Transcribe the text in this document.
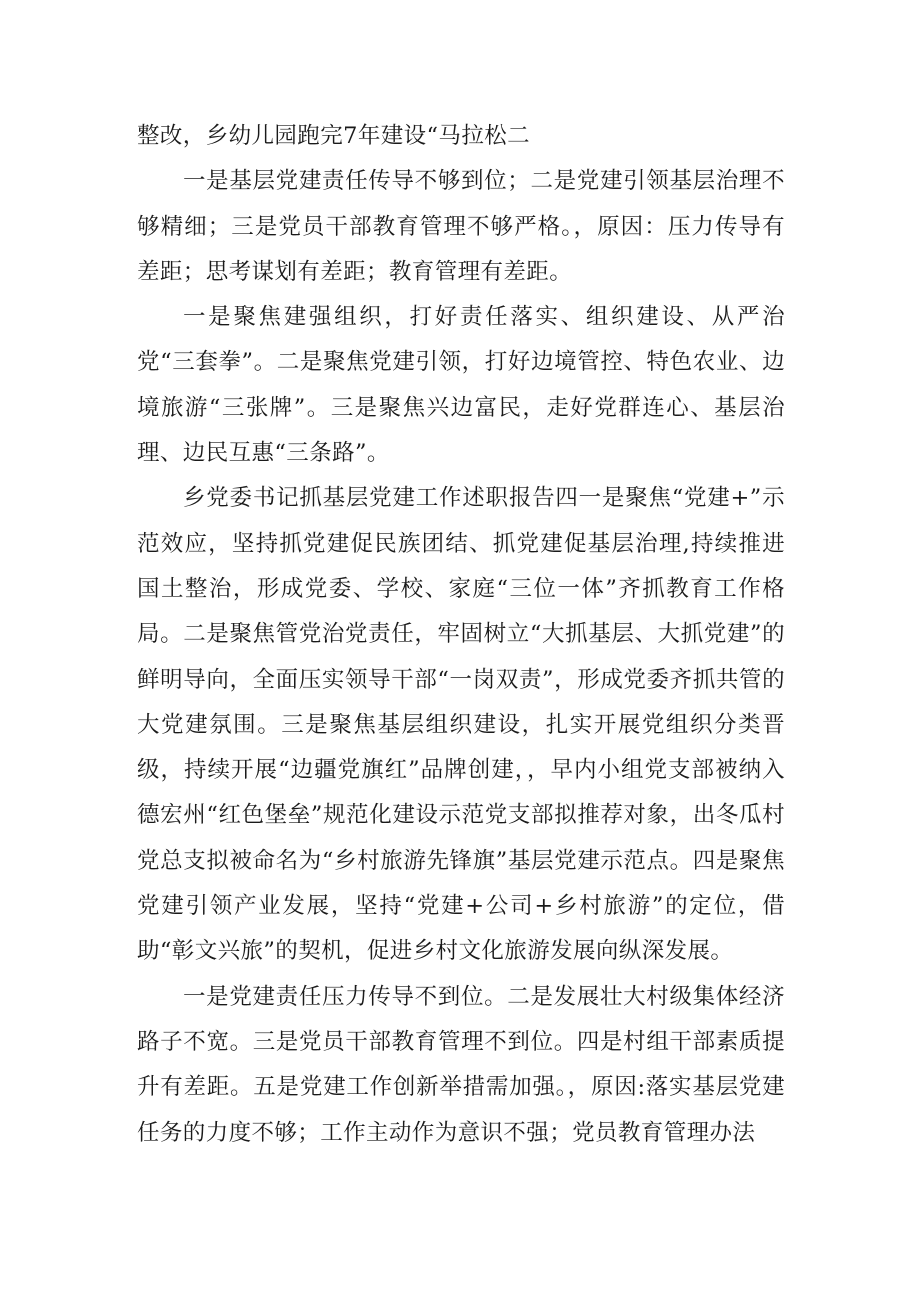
整改，乡幼儿园跑完7年建设“马拉松二

一是基层党建责任传导不够到位；二是党建引领基层治理不够精细；三是党员干部教育管理不够严格。，原因：压力传导有差距；思考谋划有差距；教育管理有差距。

一是聚焦建强组织，打好责任落实、组织建设、从严治党“三套拳”。二是聚焦党建引领，打好边境管控、特色农业、边境旅游“三张牌”。三是聚焦兴边富民，走好党群连心、基层治理、边民互惠“三条路”。

乡党委书记抓基层党建工作述职报告四一是聚焦“党建+”示范效应，坚持抓党建促民族团结、抓党建促基层治理,持续推进国土整治，形成党委、学校、家庭“三位一体”齐抓教育工作格局。二是聚焦管党治党责任，牢固树立“大抓基层、大抓党建”的鲜明导向，全面压实领导干部“一岗双责”，形成党委齐抓共管的大党建氛围。三是聚焦基层组织建设，扎实开展党组织分类晋级，持续开展“边疆党旗红”品牌创建，，早内小组党支部被纳入德宏州“红色堡垒”规范化建设示范党支部拟推荐对象，出冬瓜村党总支拟被命名为“乡村旅游先锋旗”基层党建示范点。四是聚焦党建引领产业发展，坚持“党建+公司+乡村旅游”的定位，借助“彰文兴旅”的契机，促进乡村文化旅游发展向纵深发展。

一是党建责任压力传导不到位。二是发展壮大村级集体经济路子不宽。三是党员干部教育管理不到位。四是村组干部素质提升有差距。五是党建工作创新举措需加强。，原因:落实基层党建任务的力度不够；工作主动作为意识不强；党员教育管理办法
